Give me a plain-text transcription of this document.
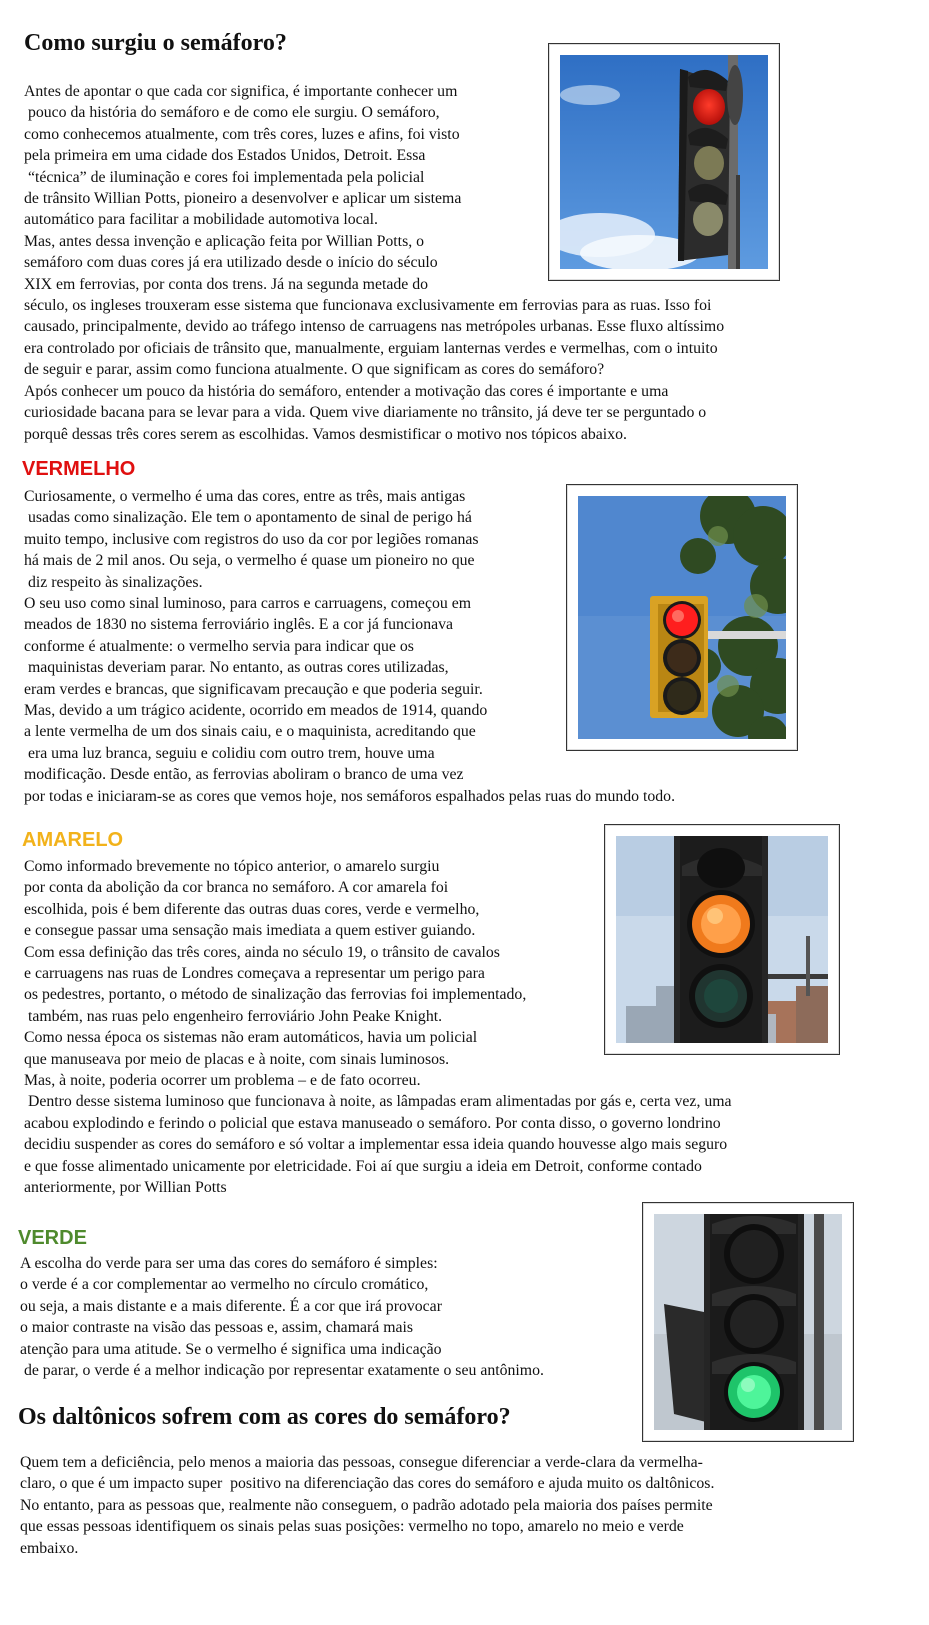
Como surgiu o semáforo?
Antes de apontar o que cada cor significa, é importante conhecer um
pouco da história do semáforo e de como ele surgiu. O semáforo,
como conhecemos atualmente, com três cores, luzes e afins, foi visto
pela primeira em uma cidade dos Estados Unidos, Detroit. Essa
“técnica” de iluminação e cores foi implementada pela policial
de trânsito Willian Potts, pioneiro a desenvolver e aplicar um sistema
automático para facilitar a mobilidade automotiva local.
Mas, antes dessa invenção e aplicação feita por Willian Potts, o
semáforo com duas cores já era utilizado desde o início do século
XIX em ferrovias, por conta dos trens. Já na segunda metade do
século, os ingleses trouxeram esse sistema que funcionava exclusivamente em ferrovias para as ruas. Isso foi
causado, principalmente, devido ao tráfego intenso de carruagens nas metrópoles urbanas. Esse fluxo altíssimo
era controlado por oficiais de trânsito que, manualmente, erguiam lanternas verdes e vermelhas, com o intuito
de seguir e parar, assim como funciona atualmente. O que significam as cores do semáforo?
Após conhecer um pouco da história do semáforo, entender a motivação das cores é importante e uma
curiosidade bacana para se levar para a vida. Quem vive diariamente no trânsito, já deve ter se perguntado o
porquê dessas três cores serem as escolhidas. Vamos desmistificar o motivo nos tópicos abaixo.
VERMELHO
Curiosamente, o vermelho é uma das cores, entre as três, mais antigas
usadas como sinalização. Ele tem o apontamento de sinal de perigo há
muito tempo, inclusive com registros do uso da cor por legiões romanas
há mais de 2 mil anos. Ou seja, o vermelho é quase um pioneiro no que
diz respeito às sinalizações.
O seu uso como sinal luminoso, para carros e carruagens, começou em
meados de 1830 no sistema ferroviário inglês. E a cor já funcionava
conforme é atualmente: o vermelho servia para indicar que os
maquinistas deveriam parar. No entanto, as outras cores utilizadas,
eram verdes e brancas, que significavam precaução e que poderia seguir.
Mas, devido a um trágico acidente, ocorrido em meados de 1914, quando
a lente vermelha de um dos sinais caiu, e o maquinista, acreditando que
era uma luz branca, seguiu e colidiu com outro trem, houve uma
modificação. Desde então, as ferrovias aboliram o branco de uma vez
por todas e iniciaram-se as cores que vemos hoje, nos semáforos espalhados pelas ruas do mundo todo.
AMARELO
Como informado brevemente no tópico anterior, o amarelo surgiu
por conta da abolição da cor branca no semáforo. A cor amarela foi
escolhida, pois é bem diferente das outras duas cores, verde e vermelho,
e consegue passar uma sensação mais imediata a quem estiver guiando.
Com essa definição das três cores, ainda no século 19, o trânsito de cavalos
e carruagens nas ruas de Londres começava a representar um perigo para
os pedestres, portanto, o método de sinalização das ferrovias foi implementado,
também, nas ruas pelo engenheiro ferroviário John Peake Knight.
Como nessa época os sistemas não eram automáticos, havia um policial
que manuseava por meio de placas e à noite, com sinais luminosos.
Mas, à noite, poderia ocorrer um problema – e de fato ocorreu.
Dentro desse sistema luminoso que funcionava à noite, as lâmpadas eram alimentadas por gás e, certa vez, uma
acabou explodindo e ferindo o policial que estava manuseado o semáforo. Por conta disso, o governo londrino
decidiu suspender as cores do semáforo e só voltar a implementar essa ideia quando houvesse algo mais seguro
e que fosse alimentado unicamente por eletricidade. Foi aí que surgiu a ideia em Detroit, conforme contado
anteriormente, por Willian Potts
VERDE
A escolha do verde para ser uma das cores do semáforo é simples:
o verde é a cor complementar ao vermelho no círculo cromático,
ou seja, a mais distante e a mais diferente. É a cor que irá provocar
o maior contraste na visão das pessoas e, assim, chamará mais
atenção para uma atitude. Se o vermelho é significa uma indicação
de parar, o verde é a melhor indicação por representar exatamente o seu antônimo.
Os daltônicos sofrem com as cores do semáforo?
Quem tem a deficiência, pelo menos a maioria das pessoas, consegue diferenciar a verde-clara da vermelha-
claro, o que é um impacto super  positivo na diferenciação das cores do semáforo e ajuda muito os daltônicos.
No entanto, para as pessoas que, realmente não conseguem, o padrão adotado pela maioria dos países permite
que essas pessoas identifiquem os sinais pelas suas posições: vermelho no topo, amarelo no meio e verde
embaixo.
